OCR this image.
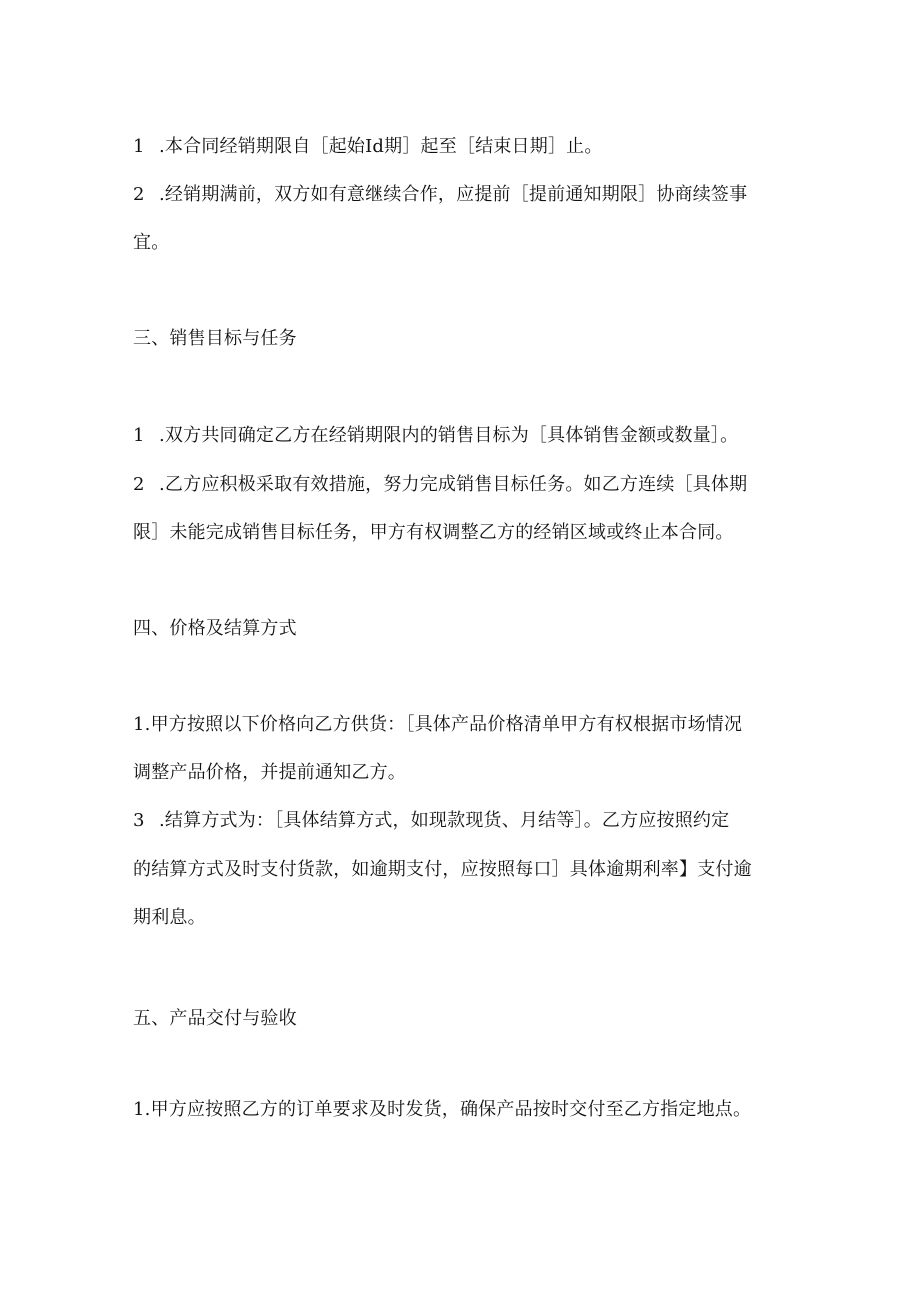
1 .本合同经销期限自［起始Id期］起至［结束日期］止。
2 .经销期满前，双方如有意继续合作，应提前［提前通知期限］协商续签事
宜。
三、销售目标与任务
1 .双方共同确定乙方在经销期限内的销售目标为［具体销售金额或数量］。
2 .乙方应积极采取有效措施，努力完成销售目标任务。如乙方连续［具体期
限］未能完成销售目标任务，甲方有权调整乙方的经销区域或终止本合同。
四、价格及结算方式
1.甲方按照以下价格向乙方供货：［具体产品价格清单甲方有权根据市场情况
调整产品价格，并提前通知乙方。
3 .结算方式为：［具体结算方式，如现款现货、月结等］。乙方应按照约定
的结算方式及时支付货款，如逾期支付，应按照每口］具体逾期利率】支付逾
期利息。
五、产品交付与验收
1.甲方应按照乙方的订单要求及时发货，确保产品按时交付至乙方指定地点。
